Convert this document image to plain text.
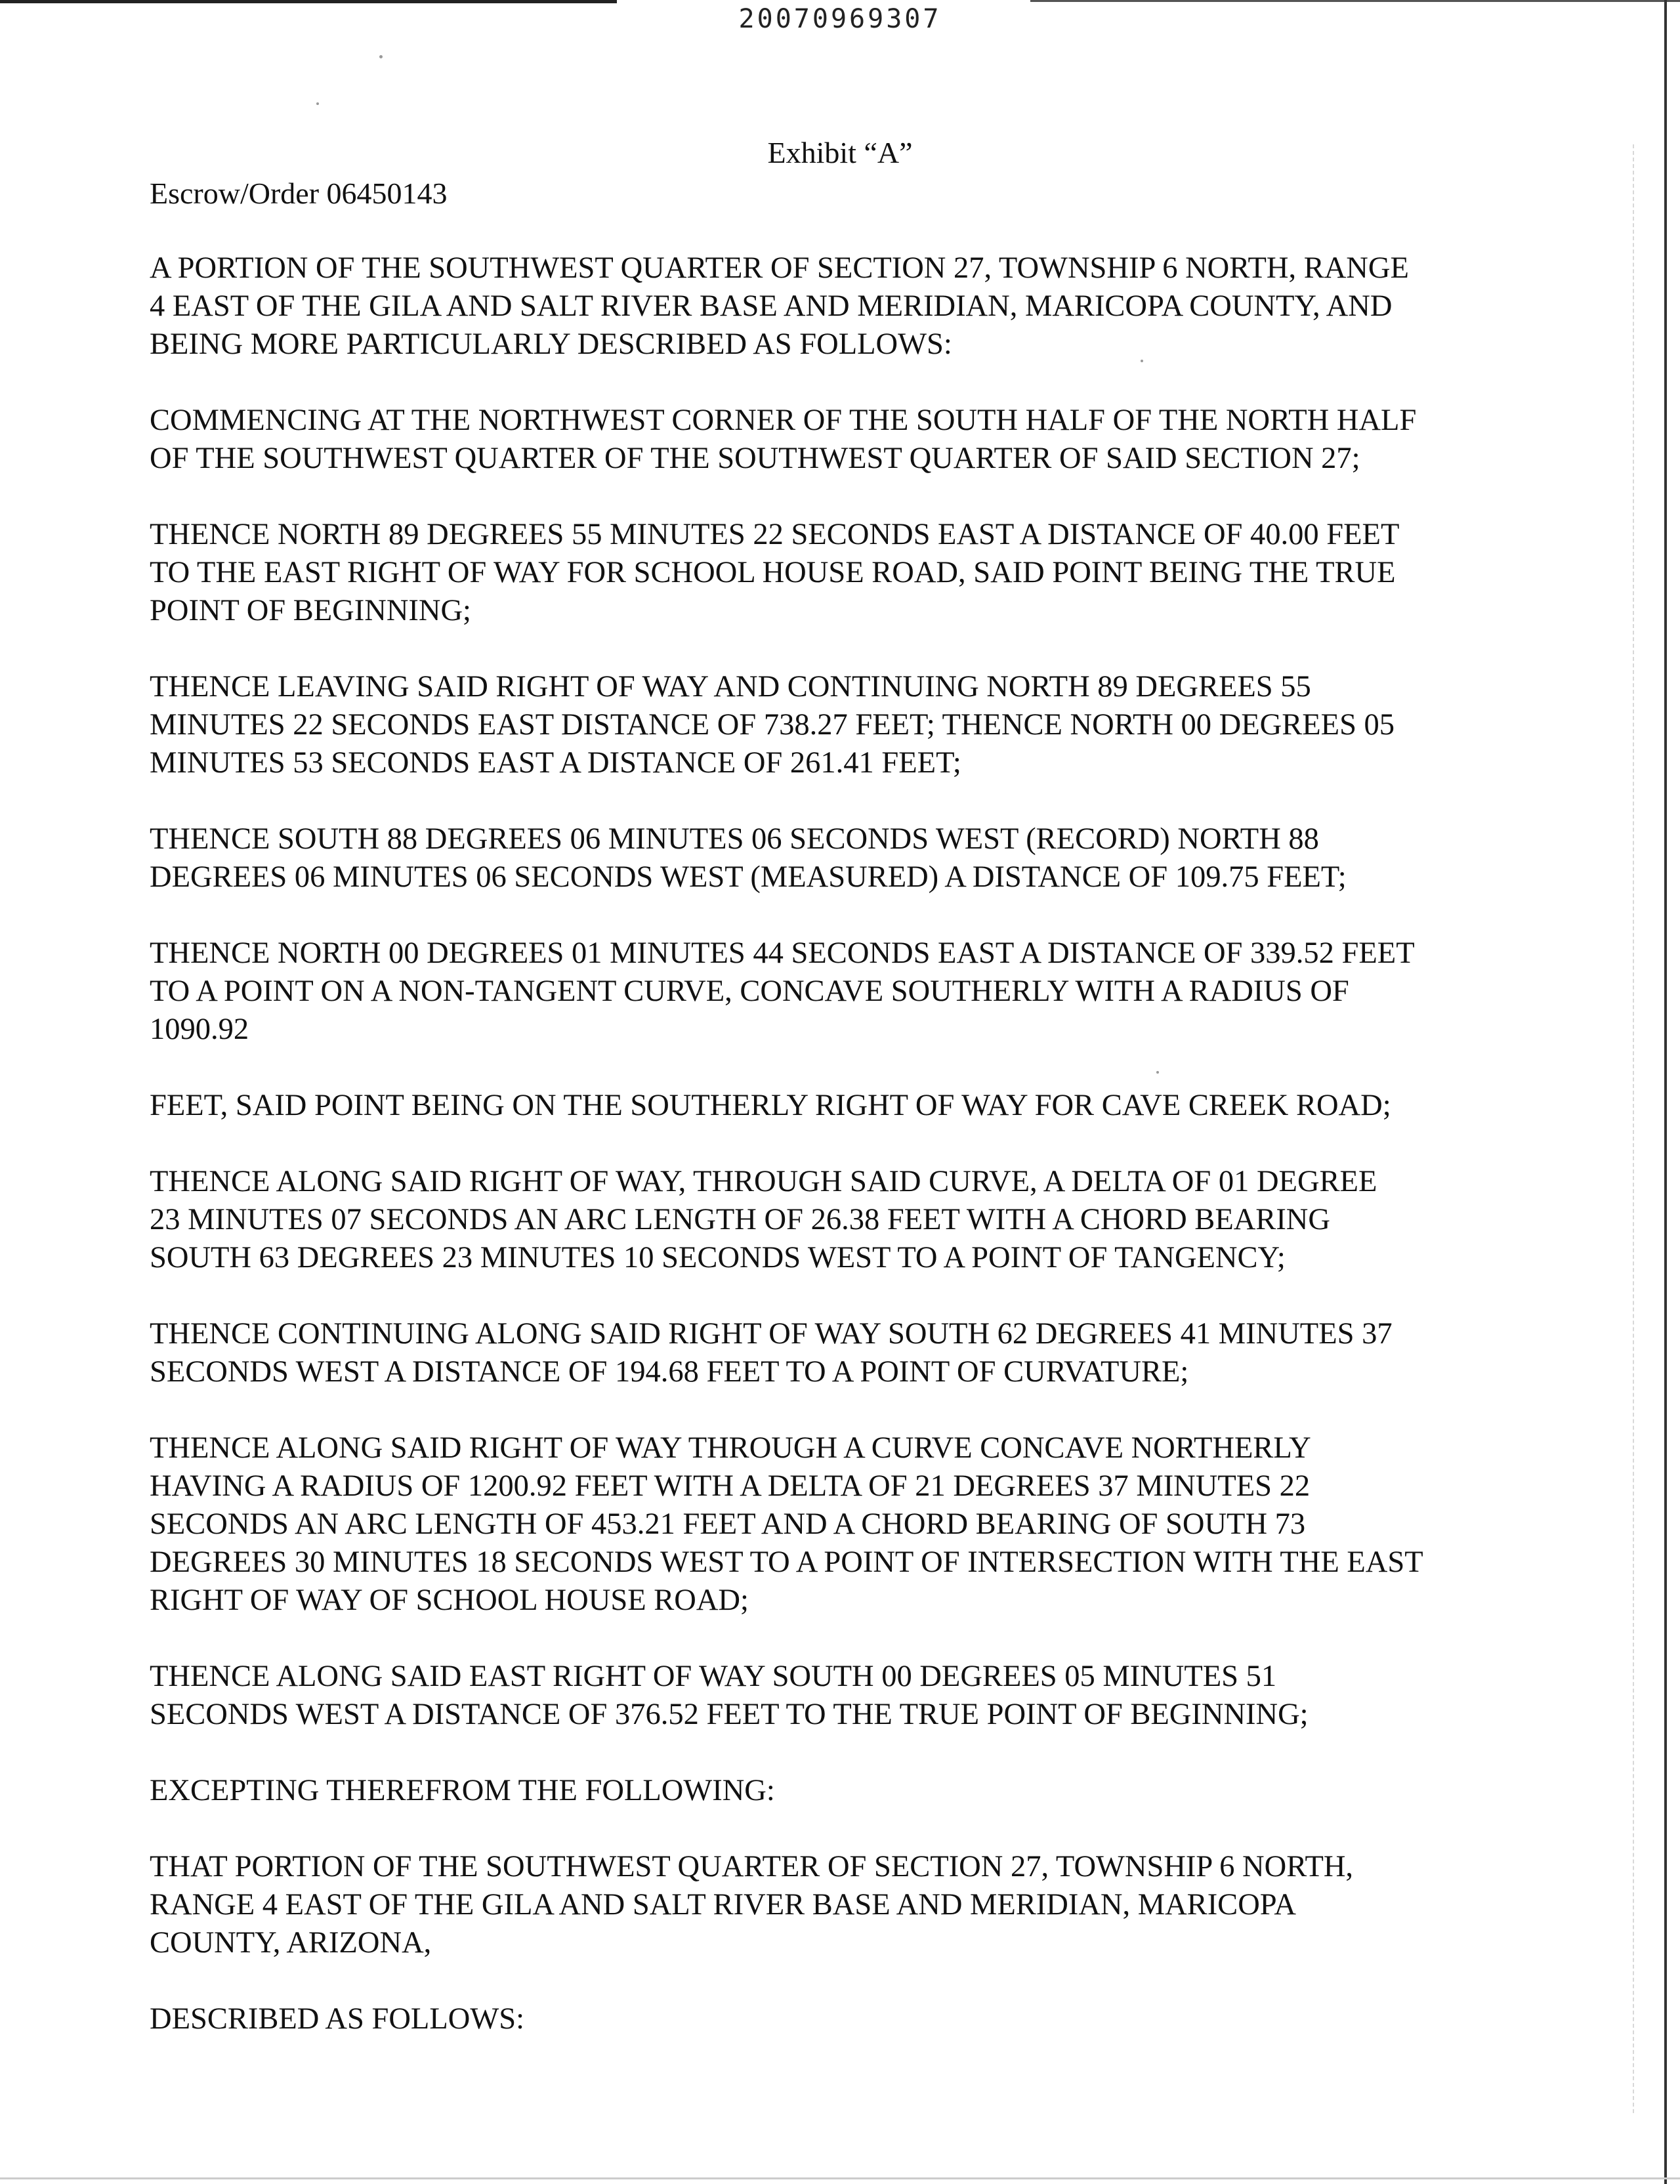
20070969307
Exhibit “A”
Escrow/Order 06450143
A PORTION OF THE SOUTHWEST QUARTER OF SECTION 27, TOWNSHIP 6 NORTH, RANGE
4 EAST OF THE GILA AND SALT RIVER BASE AND MERIDIAN, MARICOPA COUNTY, AND
BEING MORE PARTICULARLY DESCRIBED AS FOLLOWS:
COMMENCING AT THE NORTHWEST CORNER OF THE SOUTH HALF OF THE NORTH HALF
OF THE SOUTHWEST QUARTER OF THE SOUTHWEST QUARTER OF SAID SECTION 27;
THENCE NORTH 89 DEGREES 55 MINUTES 22 SECONDS EAST A DISTANCE OF 40.00 FEET
TO THE EAST RIGHT OF WAY FOR SCHOOL HOUSE ROAD, SAID POINT BEING THE TRUE
POINT OF BEGINNING;
THENCE LEAVING SAID RIGHT OF WAY AND CONTINUING NORTH 89 DEGREES 55
MINUTES 22 SECONDS EAST DISTANCE OF 738.27 FEET; THENCE NORTH 00 DEGREES 05
MINUTES 53 SECONDS EAST A DISTANCE OF 261.41 FEET;
THENCE SOUTH 88 DEGREES 06 MINUTES 06 SECONDS WEST (RECORD) NORTH 88
DEGREES 06 MINUTES 06 SECONDS WEST (MEASURED) A DISTANCE OF 109.75 FEET;
THENCE NORTH 00 DEGREES 01 MINUTES 44 SECONDS EAST A DISTANCE OF 339.52 FEET
TO A POINT ON A NON-TANGENT CURVE, CONCAVE SOUTHERLY WITH A RADIUS OF
1090.92
FEET, SAID POINT BEING ON THE SOUTHERLY RIGHT OF WAY FOR CAVE CREEK ROAD;
THENCE ALONG SAID RIGHT OF WAY, THROUGH SAID CURVE, A DELTA OF 01 DEGREE
23 MINUTES 07 SECONDS AN ARC LENGTH OF 26.38 FEET WITH A CHORD BEARING
SOUTH 63 DEGREES 23 MINUTES 10 SECONDS WEST TO A POINT OF TANGENCY;
THENCE CONTINUING ALONG SAID RIGHT OF WAY SOUTH 62 DEGREES 41 MINUTES 37
SECONDS WEST A DISTANCE OF 194.68 FEET TO A POINT OF CURVATURE;
THENCE ALONG SAID RIGHT OF WAY THROUGH A CURVE CONCAVE NORTHERLY
HAVING A RADIUS OF 1200.92 FEET WITH A DELTA OF 21 DEGREES 37 MINUTES 22
SECONDS AN ARC LENGTH OF 453.21 FEET AND A CHORD BEARING OF SOUTH 73
DEGREES 30 MINUTES 18 SECONDS WEST TO A POINT OF INTERSECTION WITH THE EAST
RIGHT OF WAY OF SCHOOL HOUSE ROAD;
THENCE ALONG SAID EAST RIGHT OF WAY SOUTH 00 DEGREES 05 MINUTES 51
SECONDS WEST A DISTANCE OF 376.52 FEET TO THE TRUE POINT OF BEGINNING;
EXCEPTING THEREFROM THE FOLLOWING:
THAT PORTION OF THE SOUTHWEST QUARTER OF SECTION 27, TOWNSHIP 6 NORTH,
RANGE 4 EAST OF THE GILA AND SALT RIVER BASE AND MERIDIAN, MARICOPA
COUNTY, ARIZONA,
DESCRIBED AS FOLLOWS:
